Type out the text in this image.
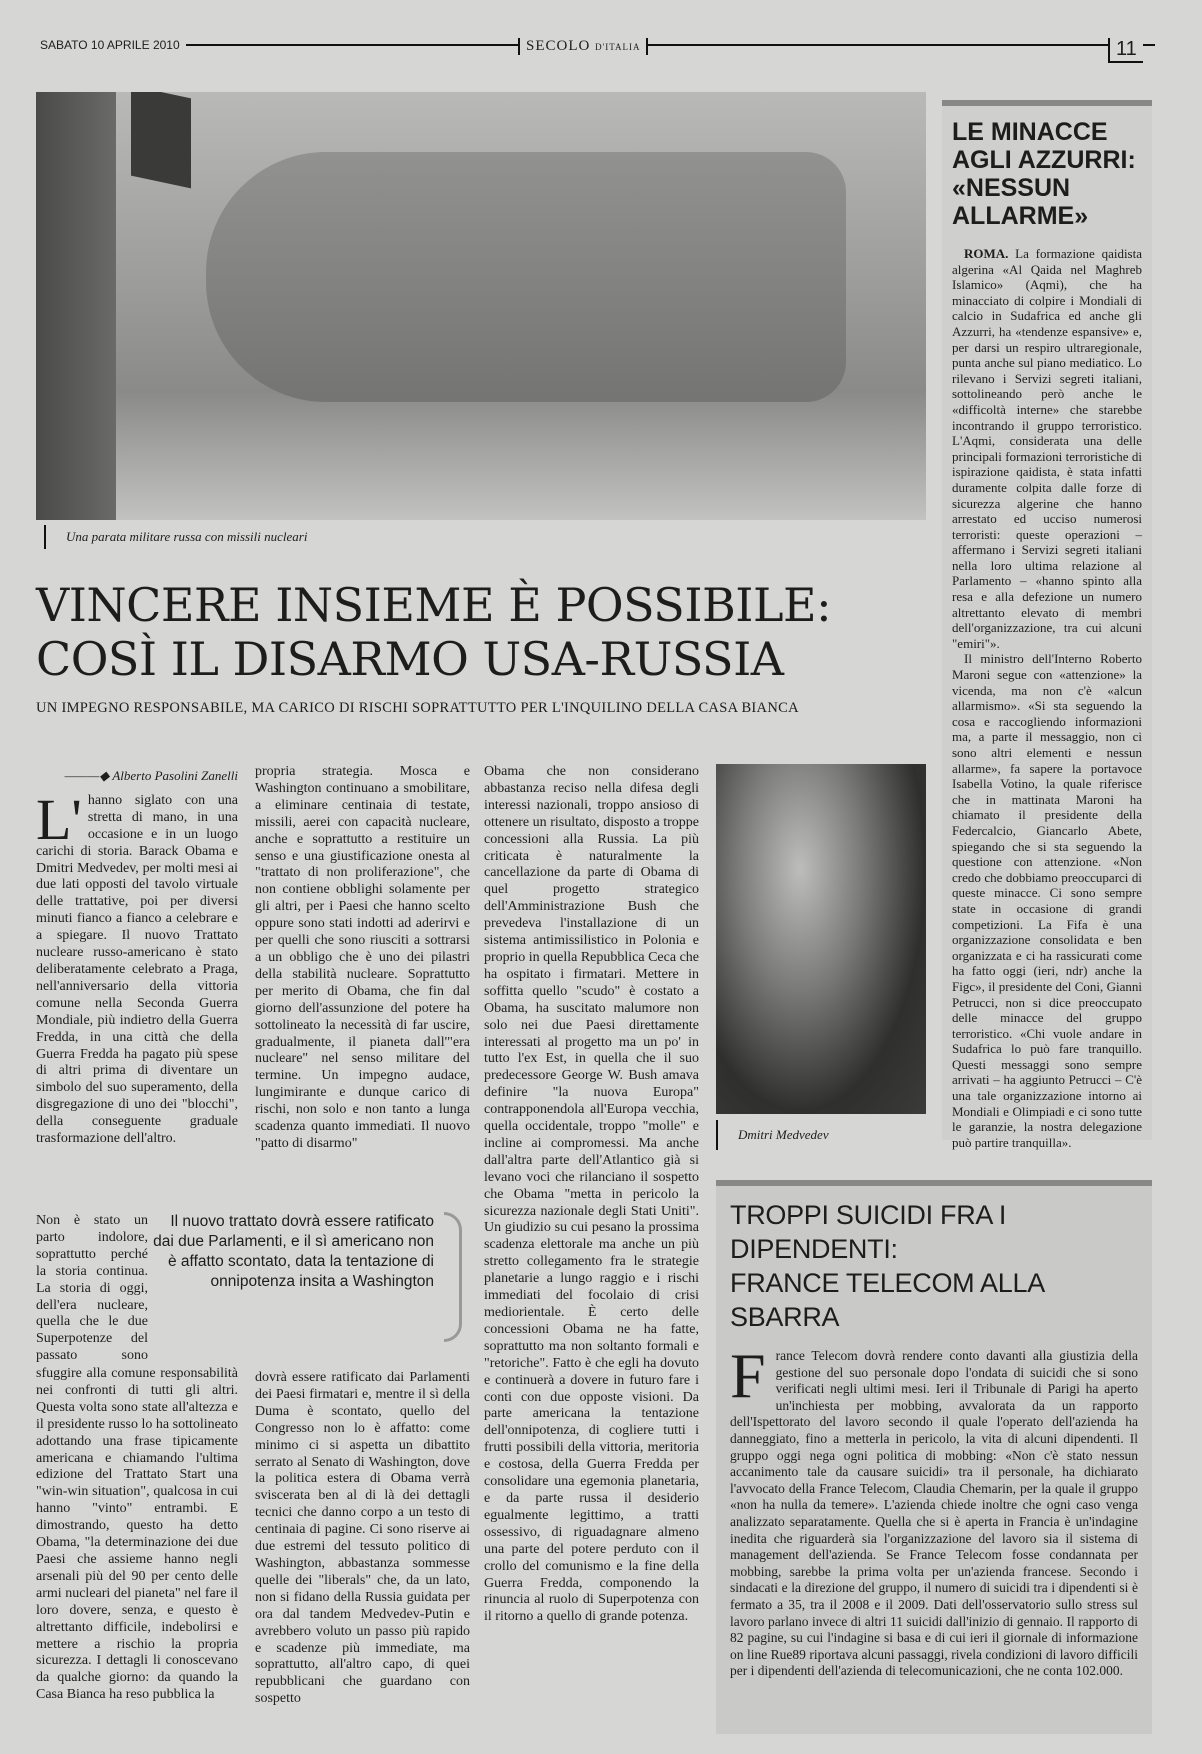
SABATO 10 APRILE 2010	SECOLO D'ITALIA	11
Una parata militare russa con missili nucleari
VINCERE INSIEME È POSSIBILE:
COSÌ IL DISARMO USA-RUSSIA
UN IMPEGNO RESPONSABILE, MA CARICO DI RISCHI SOPRATTUTTO PER L'INQUILINO DELLA CASA BIANCA
———◆ Alberto Pasolini Zanelli
L' hanno siglato con una stretta di mano, in una occasione e in un luogo carichi di storia. Barack Obama e Dmitri Medvedev, per molti mesi ai due lati opposti del tavolo virtuale delle trattative, poi per diversi minuti fianco a fianco a celebrare e a spiegare. Il nuovo Trattato nucleare russo-americano è stato deliberatamente celebrato a Praga, nell'anniversario della vittoria comune nella Seconda Guerra Mondiale, più indietro della Guerra Fredda, in una città che della Guerra Fredda ha pagato più spese di altri prima di diventare un simbolo del suo superamento, della disgregazione di uno dei "blocchi", della conseguente graduale trasformazione dell'altro.
Non è stato un parto indolore, soprattutto perché la storia continua. La storia di oggi, dell'era nucleare, quella che le due Superpotenze del passato sono
sfuggire alla comune responsabilità nei confronti di tutti gli altri. Questa volta sono state all'altezza e il presidente russo lo ha sottolineato adottando una frase tipicamente americana e chiamando l'ultima edizione del Trattato Start una "win-win situation", qualcosa in cui hanno "vinto" entrambi. E dimostrando, questo ha detto Obama, "la determinazione dei due Paesi che assieme hanno negli arsenali più del 90 per cento delle armi nucleari del pianeta" nel fare il loro dovere, senza, e questo è altrettanto difficile, indebolirsi e mettere a rischio la propria sicurezza. I dettagli li conoscevano da qualche giorno: da quando la Casa Bianca ha reso pubblica la
propria strategia. Mosca e Washington continuano a smobilitare, a eliminare centinaia di testate, missili, aerei con capacità nucleare, anche e soprattutto a restituire un senso e una giustificazione onesta al "trattato di non proliferazione", che non contiene obblighi solamente per gli altri, per i Paesi che hanno scelto oppure sono stati indotti ad aderirvi e per quelli che sono riusciti a sottrarsi a un obbligo che è uno dei pilastri della stabilità nucleare. Soprattutto per merito di Obama, che fin dal giorno dell'assunzione del potere ha sottolineato la necessità di far uscire, gradualmente, il pianeta dall'"era nucleare" nel senso militare del termine. Un impegno audace, lungimirante e dunque carico di rischi, non solo e non tanto a lunga scadenza quanto immediati. Il nuovo "patto di disarmo"
dovrà essere ratificato dai Parlamenti dei Paesi firmatari e, mentre il sì della Duma è scontato, quello del Congresso non lo è affatto: come minimo ci si aspetta un dibattito serrato al Senato di Washington, dove la politica estera di Obama verrà sviscerata ben al di là dei dettagli tecnici che danno corpo a un testo di centinaia di pagine. Ci sono riserve ai due estremi del tessuto politico di Washington, abbastanza sommesse quelle dei "liberals" che, da un lato, non si fidano della Russia guidata per ora dal tandem Medvedev-Putin e avrebbero voluto un passo più rapido e scadenze più immediate, ma soprattutto, all'altro capo, di quei repubblicani che guardano con sospetto
Obama che non considerano abbastanza reciso nella difesa degli interessi nazionali, troppo ansioso di ottenere un risultato, disposto a troppe concessioni alla Russia. La più criticata è naturalmente la cancellazione da parte di Obama di quel progetto strategico dell'Amministrazione Bush che prevedeva l'installazione di un sistema antimissilistico in Polonia e proprio in quella Repubblica Ceca che ha ospitato i firmatari. Mettere in soffitta quello "scudo" è costato a Obama, ha suscitato malumore non solo nei due Paesi direttamente interessati al progetto ma un po' in tutto l'ex Est, in quella che il suo predecessore George W. Bush amava definire "la nuova Europa" contrapponendola all'Europa vecchia, quella occidentale, troppo "molle" e incline ai compromessi. Ma anche dall'altra parte dell'Atlantico già si levano voci che rilanciano il sospetto che Obama "metta in pericolo la sicurezza nazionale degli Stati Uniti". Un giudizio su cui pesano la prossima scadenza elettorale ma anche un più stretto collegamento fra le strategie planetarie a lungo raggio e i rischi immediati del focolaio di crisi mediorientale. È certo delle concessioni Obama ne ha fatte, soprattutto ma non soltanto formali e "retoriche". Fatto è che egli ha dovuto e continuerà a dovere in futuro fare i conti con due opposte visioni. Da parte americana la tentazione dell'onnipotenza, di cogliere tutti i frutti possibili della vittoria, meritoria e costosa, della Guerra Fredda per consolidare una egemonia planetaria, e da parte russa il desiderio egualmente legittimo, a tratti ossessivo, di riguadagnare almeno una parte del potere perduto con il crollo del comunismo e la fine della Guerra Fredda, componendo la rinuncia al ruolo di Superpotenza con il ritorno a quello di grande potenza.
Il nuovo trattato dovrà essere ratificato dai due Parlamenti, e il sì americano non è affatto scontato, data la tentazione di onnipotenza insita a Washington
Dmitri Medvedev
LE MINACCE AGLI AZZURRI: «NESSUN ALLARME»

ROMA. La formazione qaidista algerina «Al Qaida nel Maghreb Islamico» (Aqmi), che ha minacciato di colpire i Mondiali di calcio in Sudafrica ed anche gli Azzurri, ha «tendenze espansive» e, per darsi un respiro ultraregionale, punta anche sul piano mediatico. Lo rilevano i Servizi segreti italiani, sottolineando però anche le «difficoltà interne» che starebbe incontrando il gruppo terroristico. L'Aqmi, considerata una delle principali formazioni terroristiche di ispirazione qaidista, è stata infatti duramente colpita dalle forze di sicurezza algerine che hanno arrestato ed ucciso numerosi terroristi: queste operazioni – affermano i Servizi segreti italiani nella loro ultima relazione al Parlamento – «hanno spinto alla resa e alla defezione un numero altrettanto elevato di membri dell'organizzazione, tra cui alcuni "emiri"».

Il ministro dell'Interno Roberto Maroni segue con «attenzione» la vicenda, ma non c'è «alcun allarmismo». «Si sta seguendo la cosa e raccogliendo informazioni ma, a parte il messaggio, non ci sono altri elementi e nessun allarme», fa sapere la portavoce Isabella Votino, la quale riferisce che in mattinata Maroni ha chiamato il presidente della Federcalcio, Giancarlo Abete, spiegando che si sta seguendo la questione con attenzione. «Non credo che dobbiamo preoccuparci di queste minacce. Ci sono sempre state in occasione di grandi competizioni. La Fifa è una organizzazione consolidata e ben organizzata e ci ha rassicurati come ha fatto oggi (ieri, ndr) anche la Figc», il presidente del Coni, Gianni Petrucci, non si dice preoccupato delle minacce del gruppo terroristico. «Chi vuole andare in Sudafrica lo può fare tranquillo. Questi messaggi sono sempre arrivati – ha aggiunto Petrucci – C'è una tale organizzazione intorno ai Mondiali e Olimpiadi e ci sono tutte le garanzie, la nostra delegazione può partire tranquilla».

TROPPI SUICIDI FRA I DIPENDENTI:
FRANCE TELECOM ALLA SBARRA
France Telecom dovrà rendere conto davanti alla giustizia della gestione del suo personale dopo l'ondata di suicidi che si sono verificati negli ultimi mesi. Ieri il Tribunale di Parigi ha aperto un'inchiesta per mobbing, avvalorata da un rapporto dell'Ispettorato del lavoro secondo il quale l'operato dell'azienda ha danneggiato, fino a metterla in pericolo, la vita di alcuni dipendenti. Il gruppo oggi nega ogni politica di mobbing: «Non c'è stato nessun accanimento tale da causare suicidi» tra il personale, ha dichiarato l'avvocato della France Telecom, Claudia Chemarin, per la quale il gruppo «non ha nulla da temere». L'azienda chiede inoltre che ogni caso venga analizzato separatamente. Quella che si è aperta in Francia è un'indagine inedita che riguarderà sia l'organizzazione del lavoro sia il sistema di management dell'azienda. Se France Telecom fosse condannata per mobbing, sarebbe la prima volta per un'azienda francese. Secondo i sindacati e la direzione del gruppo, il numero di suicidi tra i dipendenti si è fermato a 35, tra il 2008 e il 2009. Dati dell'osservatorio sullo stress sul lavoro parlano invece di altri 11 suicidi dall'inizio di gennaio. Il rapporto di 82 pagine, su cui l'indagine si basa e di cui ieri il giornale di informazione on line Rue89 riportava alcuni passaggi, rivela condizioni di lavoro difficili per i dipendenti dell'azienda di telecomunicazioni, che ne conta 102.000.
